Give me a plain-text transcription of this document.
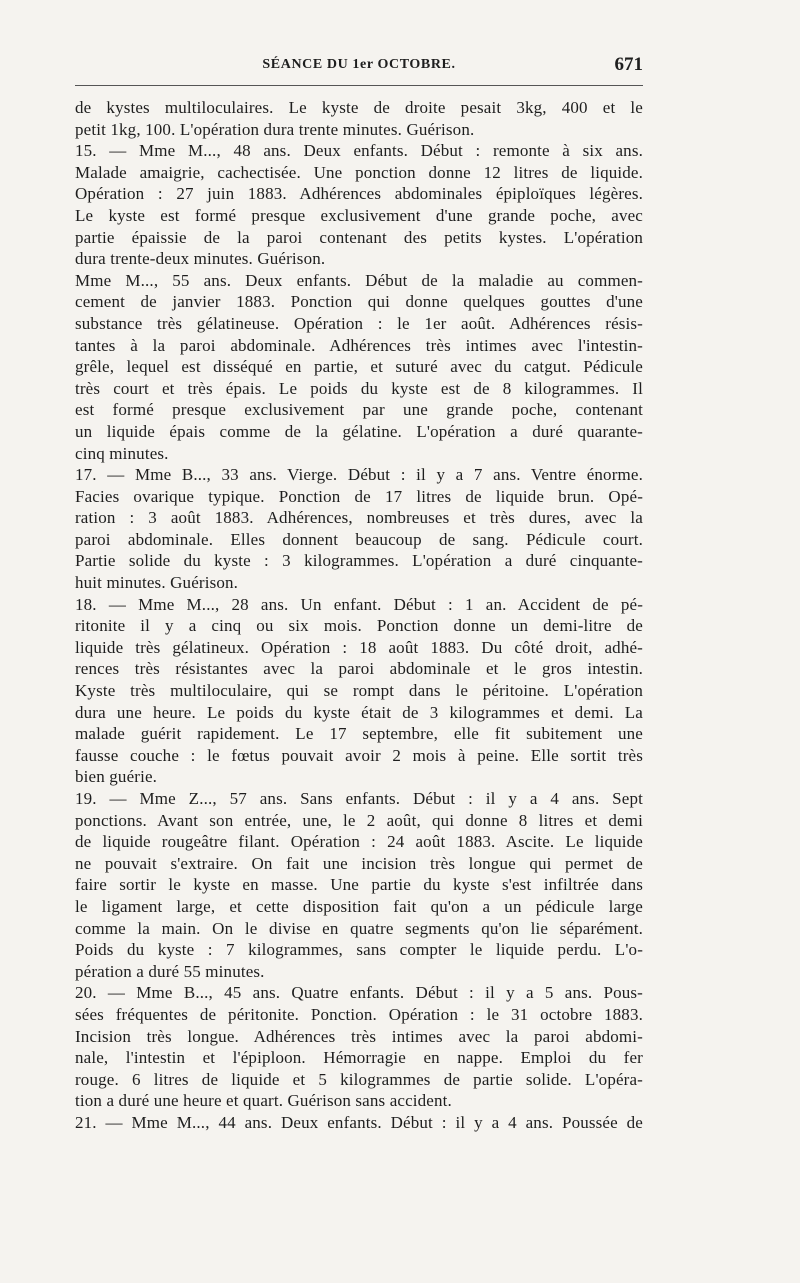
SÉANCE DU 1er OCTOBRE.	671
de kystes multiloculaires. Le kyste de droite pesait 3kg, 400 et le
petit 1kg, 100. L'opération dura trente minutes. Guérison.
15. — Mme M..., 48 ans. Deux enfants. Début : remonte à six ans.
Malade amaigrie, cachectisée. Une ponction donne 12 litres de liquide.
Opération : 27 juin 1883. Adhérences abdominales épiploïques légères.
Le kyste est formé presque exclusivement d'une grande poche, avec
partie épaissie de la paroi contenant des petits kystes. L'opération
dura trente-deux minutes. Guérison.
Mme M..., 55 ans. Deux enfants. Début de la maladie au commen-
cement de janvier 1883. Ponction qui donne quelques gouttes d'une
substance très gélatineuse. Opération : le 1er août. Adhérences résis-
tantes à la paroi abdominale. Adhérences très intimes avec l'intestin-
grêle, lequel est disséqué en partie, et suturé avec du catgut. Pédicule
très court et très épais. Le poids du kyste est de 8 kilogrammes. Il
est formé presque exclusivement par une grande poche, contenant
un liquide épais comme de la gélatine. L'opération a duré quarante-
cinq minutes.
17. — Mme B..., 33 ans. Vierge. Début : il y a 7 ans. Ventre énorme.
Facies ovarique typique. Ponction de 17 litres de liquide brun. Opé-
ration : 3 août 1883. Adhérences, nombreuses et très dures, avec la
paroi abdominale. Elles donnent beaucoup de sang. Pédicule court.
Partie solide du kyste : 3 kilogrammes. L'opération a duré cinquante-
huit minutes. Guérison.
18. — Mme M..., 28 ans. Un enfant. Début : 1 an. Accident de pé-
ritonite il y a cinq ou six mois. Ponction donne un demi-litre de
liquide très gélatineux. Opération : 18 août 1883. Du côté droit, adhé-
rences très résistantes avec la paroi abdominale et le gros intestin.
Kyste très multiloculaire, qui se rompt dans le péritoine. L'opération
dura une heure. Le poids du kyste était de 3 kilogrammes et demi. La
malade guérit rapidement. Le 17 septembre, elle fit subitement une
fausse couche : le fœtus pouvait avoir 2 mois à peine. Elle sortit très
bien guérie.
19. — Mme Z..., 57 ans. Sans enfants. Début : il y a 4 ans. Sept
ponctions. Avant son entrée, une, le 2 août, qui donne 8 litres et demi
de liquide rougeâtre filant. Opération : 24 août 1883. Ascite. Le liquide
ne pouvait s'extraire. On fait une incision très longue qui permet de
faire sortir le kyste en masse. Une partie du kyste s'est infiltrée dans
le ligament large, et cette disposition fait qu'on a un pédicule large
comme la main. On le divise en quatre segments qu'on lie séparément.
Poids du kyste : 7 kilogrammes, sans compter le liquide perdu. L'o-
pération a duré 55 minutes.
20. — Mme B..., 45 ans. Quatre enfants. Début : il y a 5 ans. Pous-
sées fréquentes de péritonite. Ponction. Opération : le 31 octobre 1883.
Incision très longue. Adhérences très intimes avec la paroi abdomi-
nale, l'intestin et l'épiploon. Hémorragie en nappe. Emploi du fer
rouge. 6 litres de liquide et 5 kilogrammes de partie solide. L'opéra-
tion a duré une heure et quart. Guérison sans accident.
21. — Mme M..., 44 ans. Deux enfants. Début : il y a 4 ans. Poussée de
